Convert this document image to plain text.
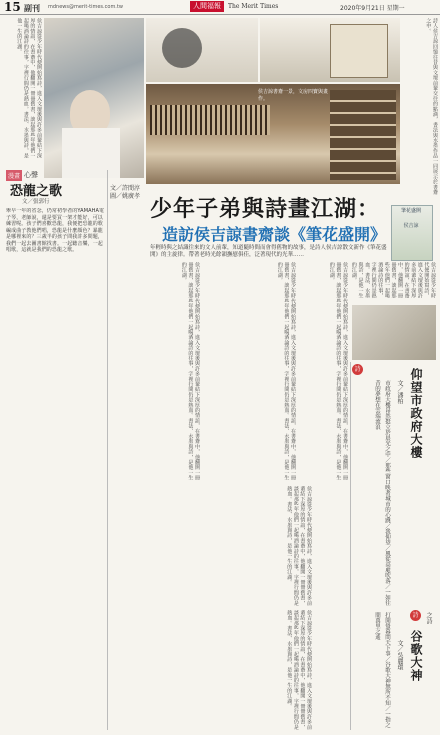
15 副刊 mdnews@merit-times.com.tw	人間福報	The Merit Times	2020年9月21日 星期一
侯吉諒從少年時代便開始寫詩，進入文壇後與許多前輩結下深厚的情誼，在書齋中，他翻開一冊冊舊書，談起那些年他們一起喝酒論詩的往事，字裡行間仍是熱血。書法、水墨與詩，是他一生的江湖。	詩人侯吉諒回憶往昔與文壇前輩交往的點滴，書法與水墨作品一同展示於書齋之中。
漫畫 心聲
恐龍之歌
文／張郭行
舉早一年的省念，仍常初學者的YAMAHA電子琴，老師說，還是要買一架才能好，可以練習呢。孩子們喜歡恐龍，我便把恐龍的歌編成曲子教他們唱，恐龍是什麼顏色？暴龍是哪裡來的？三歲半的孩子問我許多問題，我們一起去圖書館找書。一起聽音樂，一起唱歌，這就是我們的恐龍之歌。
文／許閔淳
圖／姚廣孝 少年子弟與詩畫江湖：
造訪侯吉諒書齋談《筆花盛開》
年輕時與之結識往來的文人前輩，知道隨時間而會得舊物的故事，是詩人侯吉諒散文新作《筆花盛開》的主旋律。帶著老時光餘韻撫慰俱佳，泛著現代的光華……
筆花盛開
侯吉諒
侯吉諒從少年時代便開始寫詩，進入文壇後與許多前輩結下深厚的情誼，在書齋中，他翻開一冊冊舊書，談起那些年他們一起喝酒論詩的往事，字裡行間仍是熱血。書法、水墨與詩，是他一生的江湖。	侯吉諒從少年時代便開始寫詩，進入文壇後與許多前輩結下深厚的情誼，在書齋中，他翻開一冊冊舊書，談起那些年他們一起喝酒論詩的往事，字裡行間仍是熱血。書法、水墨與詩，是他一生的江湖。	侯吉諒從少年時代便開始寫詩，進入文壇後與許多前輩結下深厚的情誼，在書齋中，他翻開一冊冊舊書，談起那些年他們一起喝酒論詩的往事，字裡行間仍是熱血。書法、水墨與詩，是他一生的江湖。	侯吉諒從少年時代便開始寫詩，進入文壇後與許多前輩結下深厚的情誼，在書齋中，他翻開一冊冊舊書，談起那些年他們一起喝酒論詩的往事，字裡行間仍是熱血。書法、水墨與詩，是他一生的江湖。
侯吉諒從少年時代便開始寫詩，進入文壇後與許多前輩結下深厚的情誼，在書齋中，他翻開一冊冊舊書，談起那些年他們一起喝酒論詩的往事，字裡行間仍是熱血。書法、水墨與詩，是他一生的江湖。
侯吉諒從少年時代便開始寫詩，進入文壇後與許多前輩結下深厚的情誼，在書齋中，他翻開一冊冊舊書，談起那些年他們一起喝酒論詩的往事，字裡行間仍是熱血。書法、水墨與詩，是他一生的江湖。
詩	仰望市政府大樓
文／潘柏
市政府大樓昂然挺立於晨光之中／那些窗口映著城市的心跳／我仰望／風從高處吹落／一如往昔的夢想在雲端流浪
詩	之詩
谷歌大神
文／吳麗環
打開螢幕問天下事／谷歌大神無所不知／一指之間萬里之遙
侯吉諒書齋一景，文房四寶與畫作。
